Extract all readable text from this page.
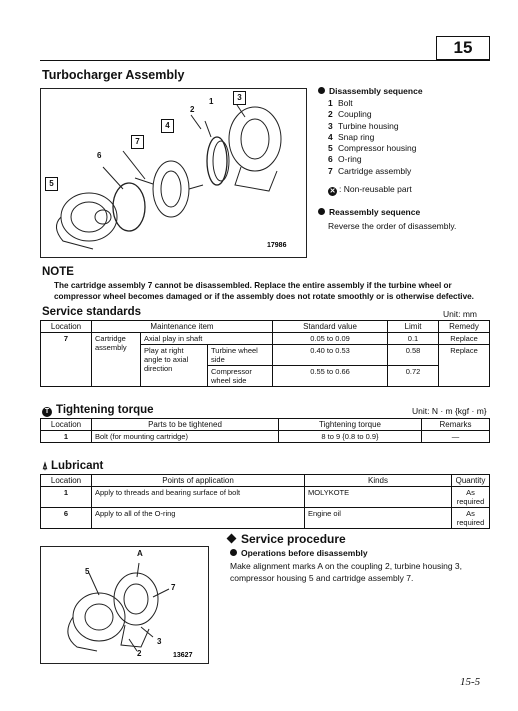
15
Turbocharger Assembly
17986
1
2
3
4
5
6
7
Disassembly sequence
1 Bolt
2 Coupling
3 Turbine housing
4 Snap ring
5 Compressor housing
6 O-ring
7 Cartridge assembly
✕ : Non-reusable part
Reassembly sequence
Reverse the order of disassembly.
NOTE
The cartridge assembly 7 cannot be disassembled. Replace the entire assembly if the turbine wheel or compressor wheel becomes damaged or if the assembly does not rotate smoothly or is otherwise defective.
Service standards	Unit: mm
Location	Maintenance item			Standard value	Limit	Remedy
7	Cartridge assembly	Axial play in shaft		0.05 to 0.09	0.1	Replace
		Play at right angle to axial direction	Turbine wheel side	0.40 to 0.53	0.58	Replace
			Compressor wheel side	0.55 to 0.66	0.72	
T Tightening torque	Unit: N · m {kgf · m}
Location	Parts to be tightened	Tightening torque	Remarks
1	Bolt (for mounting cartridge)	8 to 9 {0.8 to 0.9}	—
⍋ Lubricant
Location	Points of application	Kinds	Quantity
1	Apply to threads and bearing surface of bolt	MOLYKOTE	As required
6	Apply to all of the O-ring	Engine oil	As required
Service procedure
Operations before disassembly
Make alignment marks A on the coupling 2, turbine housing 3, compressor housing 5 and cartridge assembly 7.
13627
A
5
7
3
2
15-5
